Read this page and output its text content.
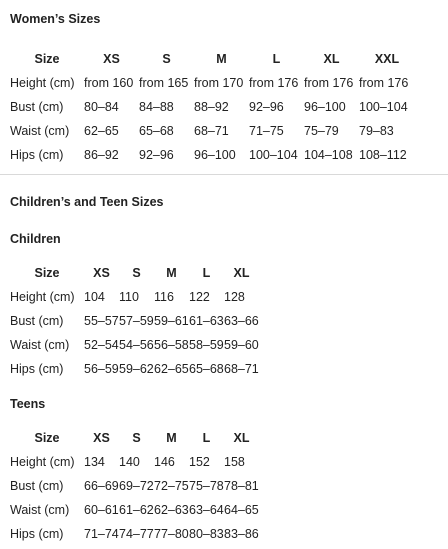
Women’s Sizes
Size	XS	S	M	L	XL	XXL
Height (cm)	from 160	from 165	from 170	from 176	from 176	from 176
Bust (cm)	80–84	84–88	88–92	92–96	96–100	100–104
Waist (cm)	62–65	65–68	68–71	71–75	75–79	79–83
Hips (cm)	86–92	92–96	96–100	100–104	104–108	108–112
Children’s and Teen Sizes
Children
Size	XS	S	M	L	XL
Height (cm)	104	110	116	122	128
Bust (cm)	55–57	57–59	59–61	61–63	63–66
Waist (cm)	52–54	54–56	56–58	58–59	59–60
Hips (cm)	56–59	59–62	62–65	65–68	68–71
Teens
Size	XS	S	M	L	XL
Height (cm)	134	140	146	152	158
Bust (cm)	66–69	69–72	72–75	75–78	78–81
Waist (cm)	60–61	61–62	62–63	63–64	64–65
Hips (cm)	71–74	74–77	77–80	80–83	83–86
